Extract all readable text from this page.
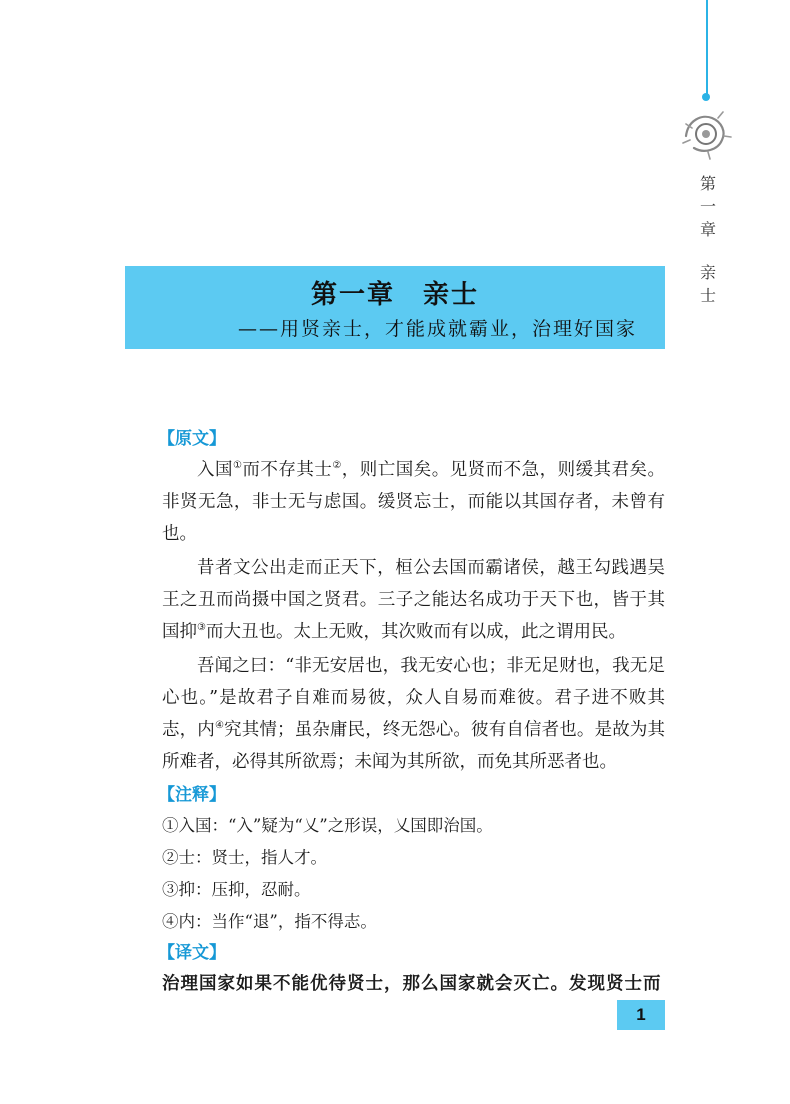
第
一
章
亲
士
第一章 亲士
——用贤亲士，才能成就霸业，治理好国家
【原文】

入国①而不存其士②，则亡国矣。见贤而不急，则缓其君矣。非贤无急，非士无与虑国。缓贤忘士，而能以其国存者，未曾有也。

昔者文公出走而正天下，桓公去国而霸诸侯，越王勾践遇吴王之丑而尚摄中国之贤君。三子之能达名成功于天下也，皆于其国抑③而大丑也。太上无败，其次败而有以成，此之谓用民。

吾闻之曰：“非无安居也，我无安心也；非无足财也，我无足心也。”是故君子自难而易彼，众人自易而难彼。君子进不败其志，内④究其情；虽杂庸民，终无怨心。彼有自信者也。是故为其所难者，必得其所欲焉；未闻为其所欲，而免其所恶者也。

【注释】
①入国：“入”疑为“乂”之形误，乂国即治国。
②士：贤士，指人才。
③抑：压抑，忍耐。
④内：当作“退”，指不得志。
【译文】
治理国家如果不能优待贤士，那么国家就会灭亡。发现贤士而
1
